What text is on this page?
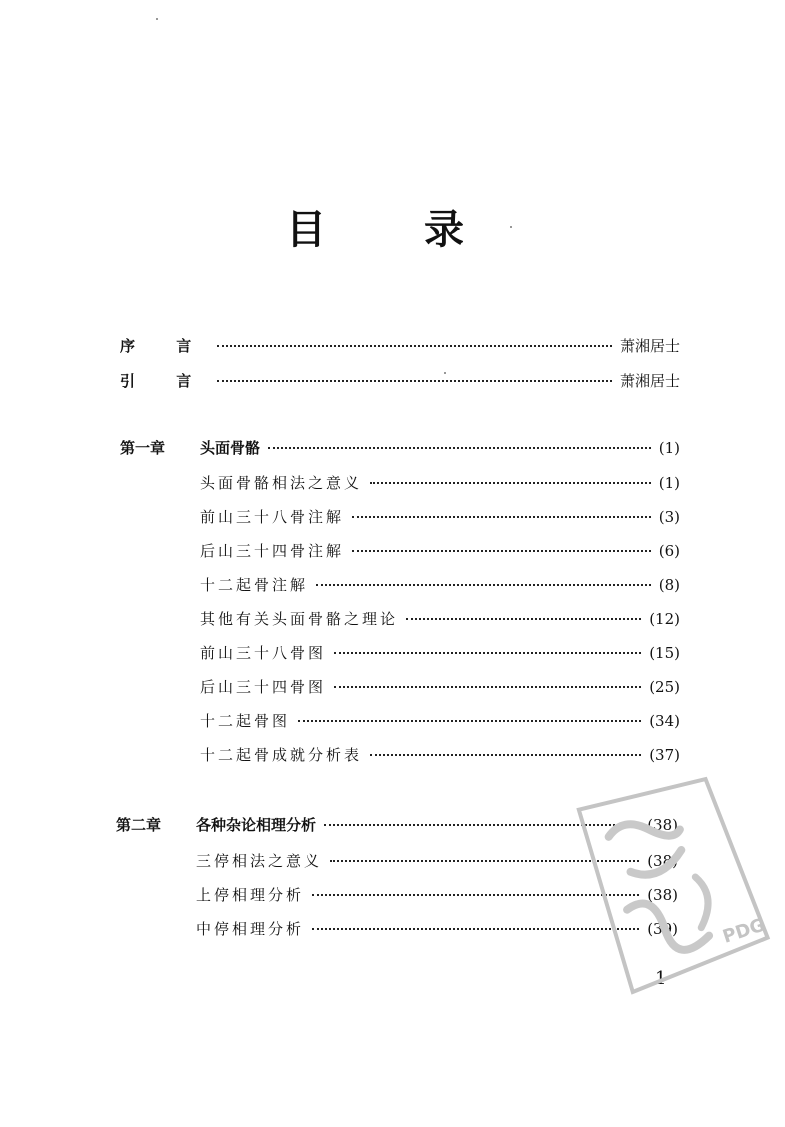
目 录
序 言	萧湘居士
引 言	萧湘居士
第一章	头面骨骼	(1)
头面骨骼相法之意义	(1)
前山三十八骨注解	(3)
后山三十四骨注解	(6)
十二起骨注解	(8)
其他有关头面骨骼之理论	(12)
前山三十八骨图	(15)
后山三十四骨图	(25)
十二起骨图	(34)
十二起骨成就分析表	(37)
第二章	各种杂论相理分析	(38)
三停相法之意义	(38)
上停相理分析	(38)
中停相理分析	(39)
1
PDG
